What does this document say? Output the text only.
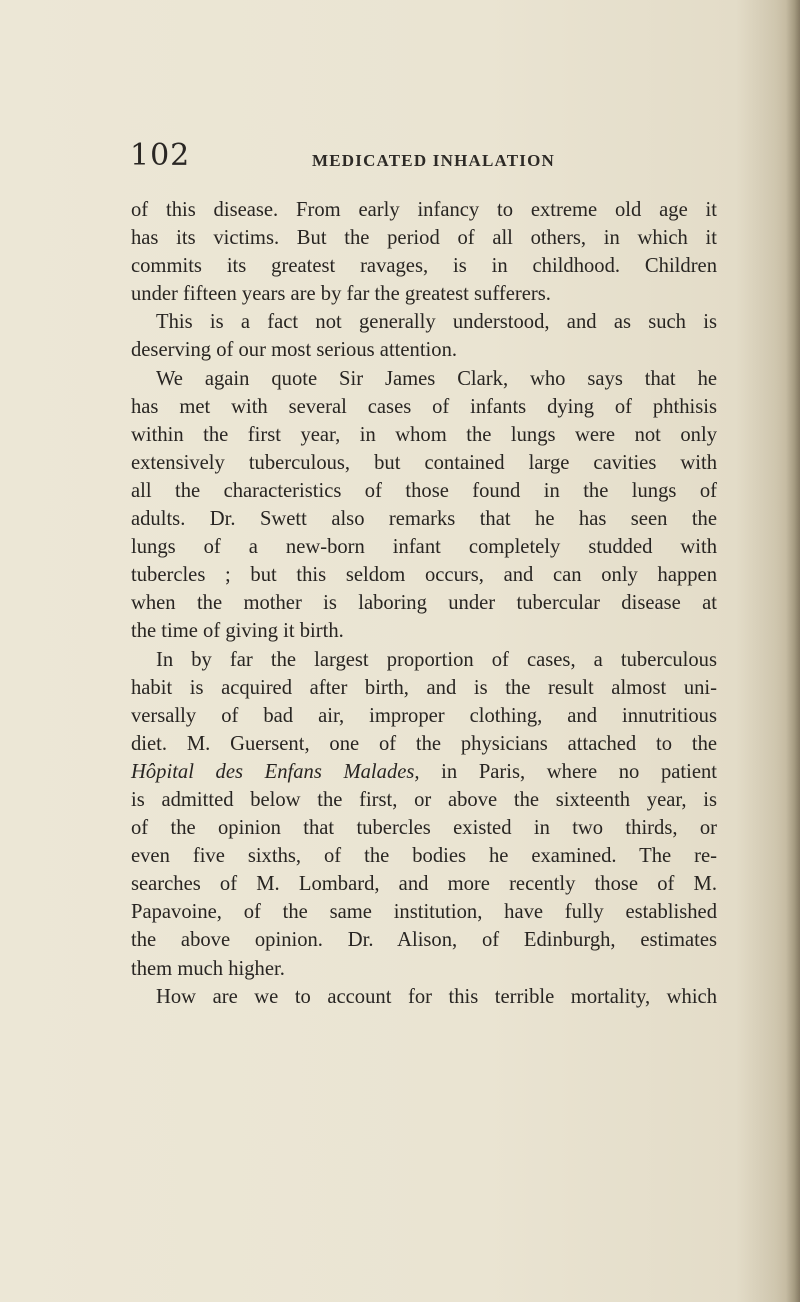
102	MEDICATED INHALATION
of this disease. From early infancy to extreme old age it
has its victims. But the period of all others, in which it
commits its greatest ravages, is in childhood. Children
under fifteen years are by far the greatest sufferers.
This is a fact not generally understood, and as such is
deserving of our most serious attention.
We again quote Sir James Clark, who says that he
has met with several cases of infants dying of phthisis
within the first year, in whom the lungs were not only
extensively tuberculous, but contained large cavities with
all the characteristics of those found in the lungs of
adults. Dr. Swett also remarks that he has seen the
lungs of a new-born infant completely studded with
tubercles ; but this seldom occurs, and can only happen
when the mother is laboring under tubercular disease at
the time of giving it birth.
In by far the largest proportion of cases, a tuberculous
habit is acquired after birth, and is the result almost uni-
versally of bad air, improper clothing, and innutritious
diet. M. Guersent, one of the physicians attached to the
Hôpital des Enfans Malades, in Paris, where no patient
is admitted below the first, or above the sixteenth year, is
of the opinion that tubercles existed in two thirds, or
even five sixths, of the bodies he examined. The re-
searches of M. Lombard, and more recently those of M.
Papavoine, of the same institution, have fully established
the above opinion. Dr. Alison, of Edinburgh, estimates
them much higher.
How are we to account for this terrible mortality, which
